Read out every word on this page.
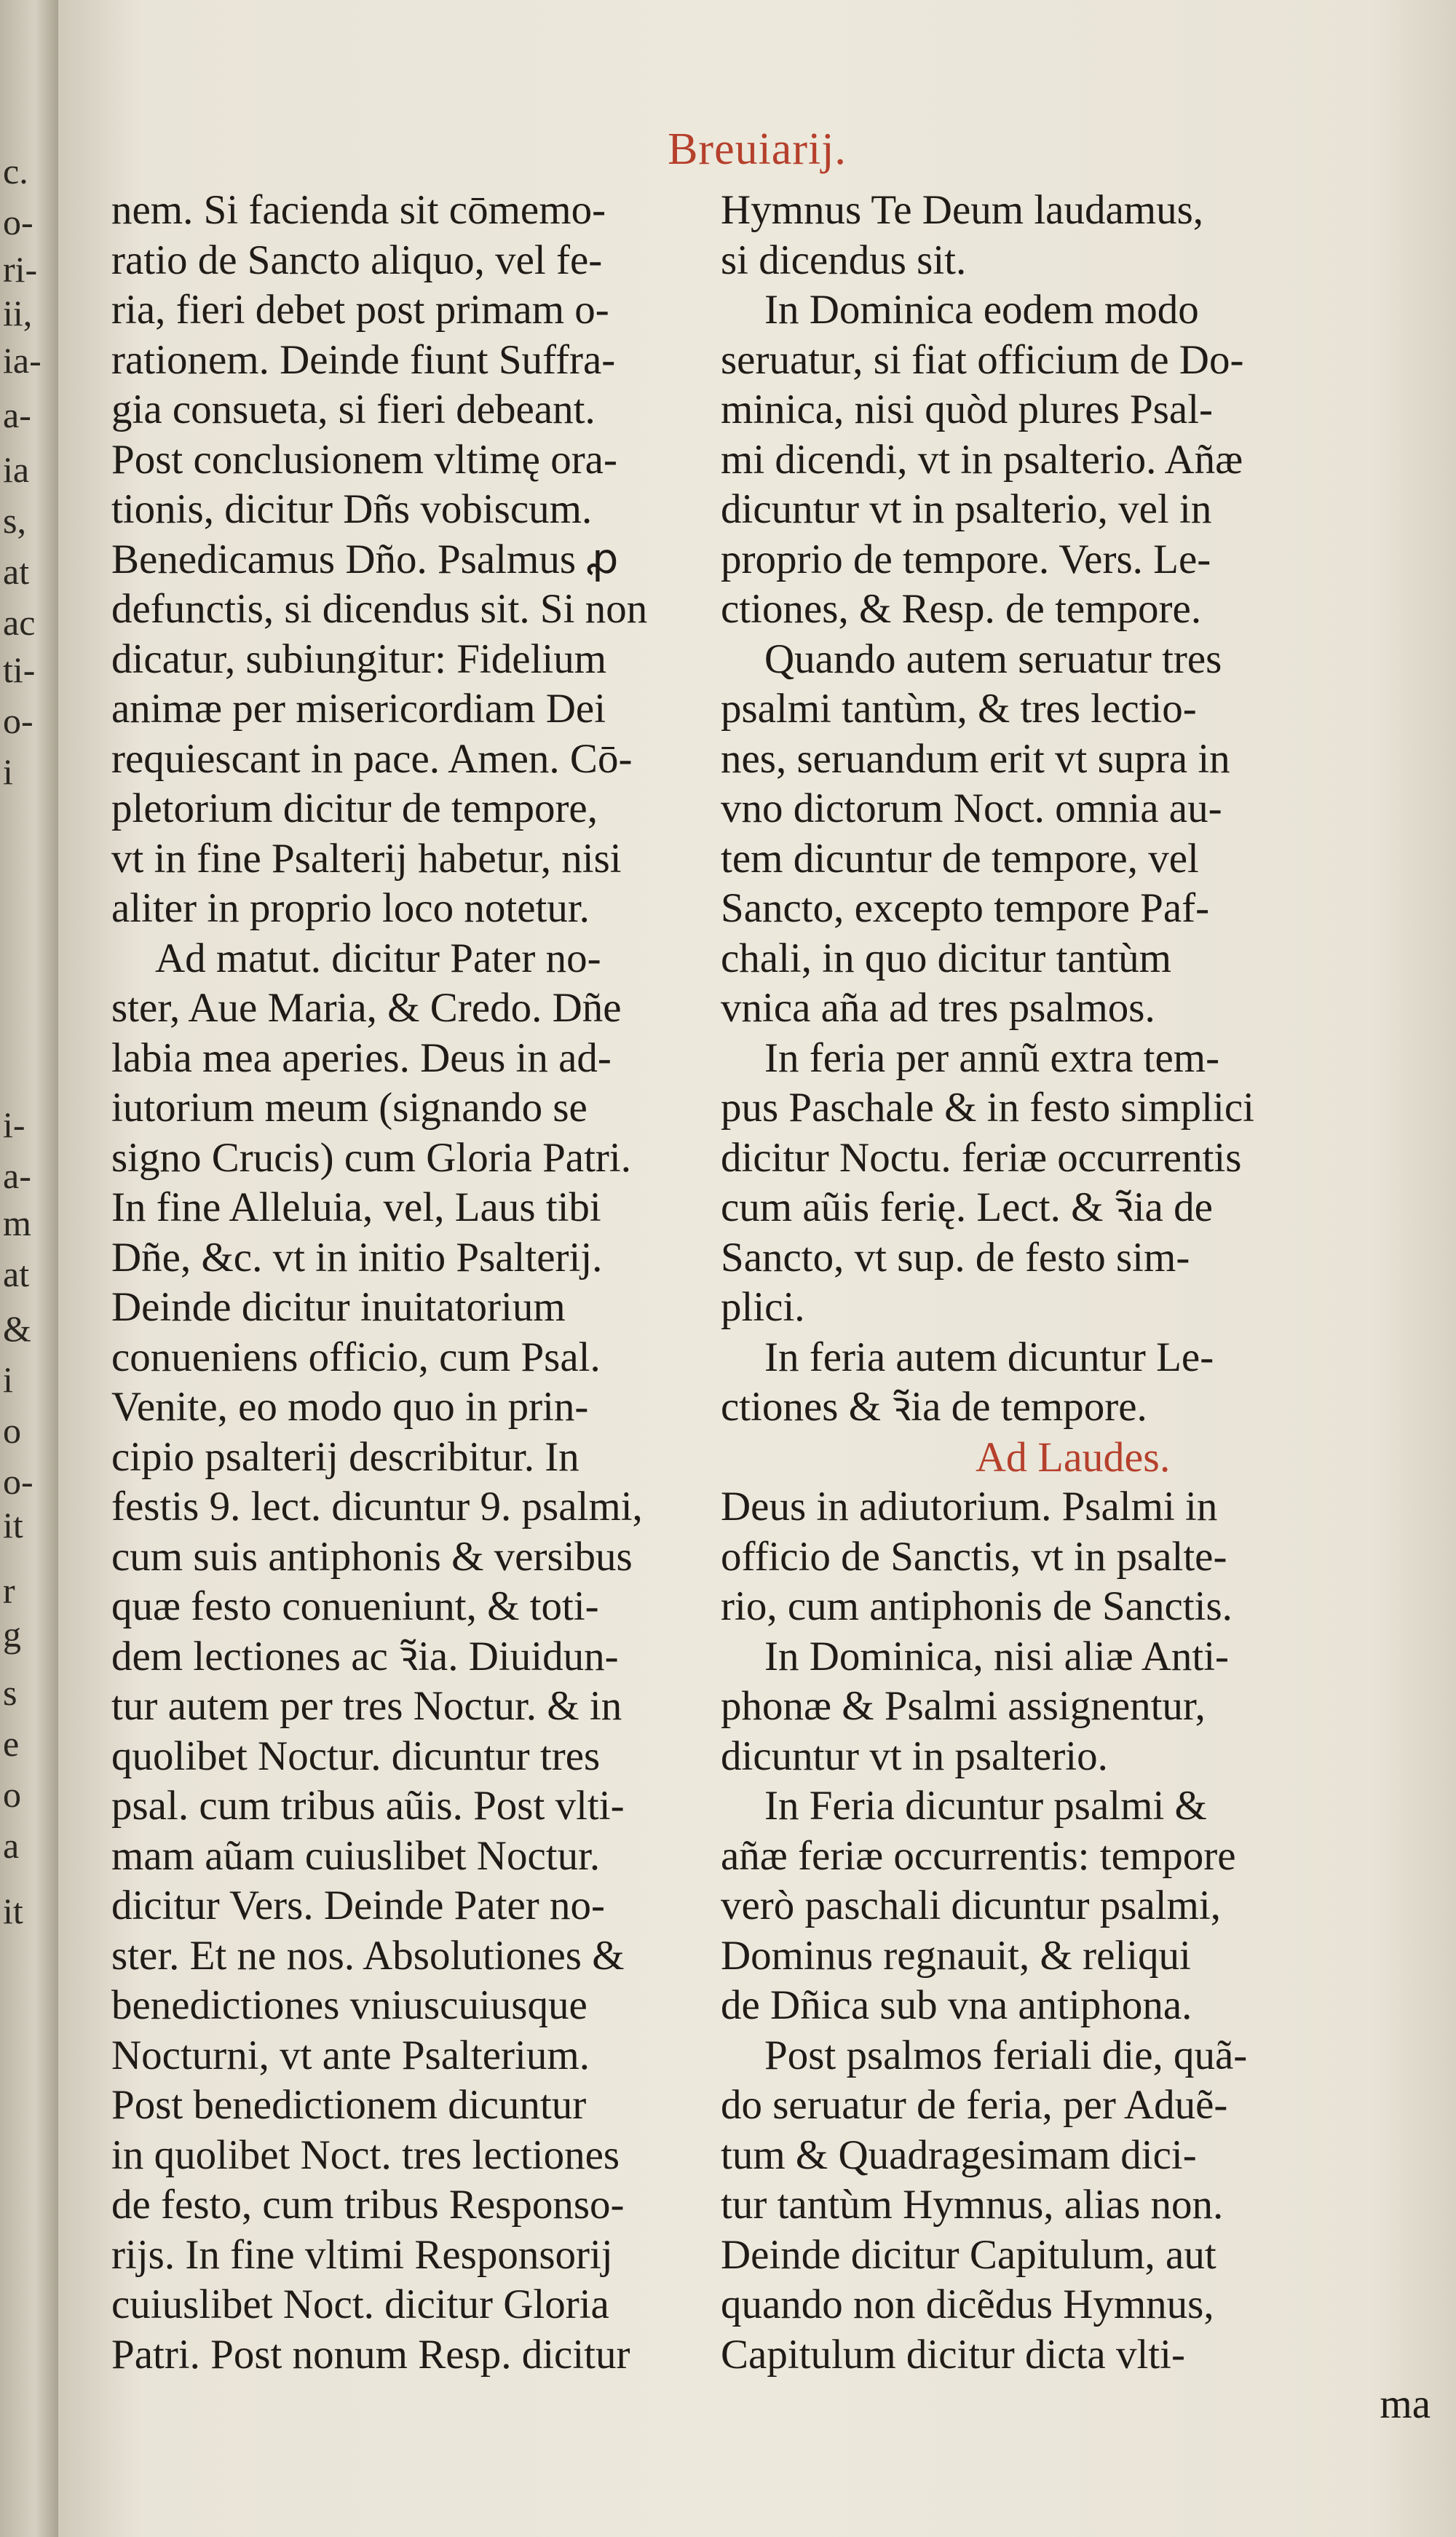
c.
o-
ri-
ii,
ia-
a-
ia
s,
at
ac
ti-
o-
i
i-
a-
m
at
&
i
o
o-
it
r
g
s
e
o
a
it
Breuiarij.
nem. Si facienda sit cōmemo-
ratio de Sancto aliquo, vel fe-
ria, fieri debet post primam o-
rationem. Deinde fiunt Suffra-
gia consueta, si fieri debeant.
Post conclusionem vltimę ora-
tionis, dicitur Dñs vobiscum.
Benedicamus Dño. Psalmus ꝓ
defunctis, si dicendus sit. Si non
dicatur, subiungitur: Fidelium
animæ per misericordiam Dei
requiescant in pace. Amen. Cō-
pletorium dicitur de tempore,
vt in fine Psalterij habetur, nisi
aliter in proprio loco notetur.
Ad matut. dicitur Pater no-
ster, Aue Maria, & Credo. Dñe
labia mea aperies. Deus in ad-
iutorium meum (signando se
signo Crucis) cum Gloria Patri.
In fine Alleluia, vel, Laus tibi
Dñe, &c. vt in initio Psalterij.
Deinde dicitur inuitatorium
conueniens officio, cum Psal.
Venite, eo modo quo in prin-
cipio psalterij describitur. In
festis 9. lect. dicuntur 9. psalmi,
cum suis antiphonis & versibus
quæ festo conueniunt, & toti-
dem lectiones ac ꝛ̃ia. Diuidun-
tur autem per tres Noctur. & in
quolibet Noctur. dicuntur tres
psal. cum tribus aũis. Post vlti-
mam aũam cuiuslibet Noctur.
dicitur Vers. Deinde Pater no-
ster. Et ne nos. Absolutiones &
benedictiones vniuscuiusque
Nocturni, vt ante Psalterium.
Post benedictionem dicuntur
in quolibet Noct. tres lectiones
de festo, cum tribus Responso-
rijs. In fine vltimi Responsorij
cuiuslibet Noct. dicitur Gloria
Patri. Post nonum Resp. dicitur
Hymnus Te Deum laudamus,
si dicendus sit.
In Dominica eodem modo
seruatur, si fiat officium de Do-
minica, nisi quòd plures Psal-
mi dicendi, vt in psalterio. Añæ
dicuntur vt in psalterio, vel in
proprio de tempore. Vers. Le-
ctiones, & Resp. de tempore.
Quando autem seruatur tres
psalmi tantùm, & tres lectio-
nes, seruandum erit vt supra in
vno dictorum Noct. omnia au-
tem dicuntur de tempore, vel
Sancto, excepto tempore Paf-
chali, in quo dicitur tantùm
vnica aña ad tres psalmos.
In feria per annũ extra tem-
pus Paschale & in festo simplici
dicitur Noctu. feriæ occurrentis
cum aũis ferię. Lect. & ꝛ̃ia de
Sancto, vt sup. de festo sim-
plici.
In feria autem dicuntur Le-
ctiones & ꝛ̃ia de tempore.
Ad Laudes.
Deus in adiutorium. Psalmi in
officio de Sanctis, vt in psalte-
rio, cum antiphonis de Sanctis.
In Dominica, nisi aliæ Anti-
phonæ & Psalmi assignentur,
dicuntur vt in psalterio.
In Feria dicuntur psalmi &
añæ feriæ occurrentis: tempore
verò paschali dicuntur psalmi,
Dominus regnauit, & reliqui
de Dñica sub vna antiphona.
Post psalmos feriali die, quã-
do seruatur de feria, per Aduẽ-
tum & Quadragesimam dici-
tur tantùm Hymnus, alias non.
Deinde dicitur Capitulum, aut
quando non dicẽdus Hymnus,
Capitulum dicitur dicta vlti-
ma
